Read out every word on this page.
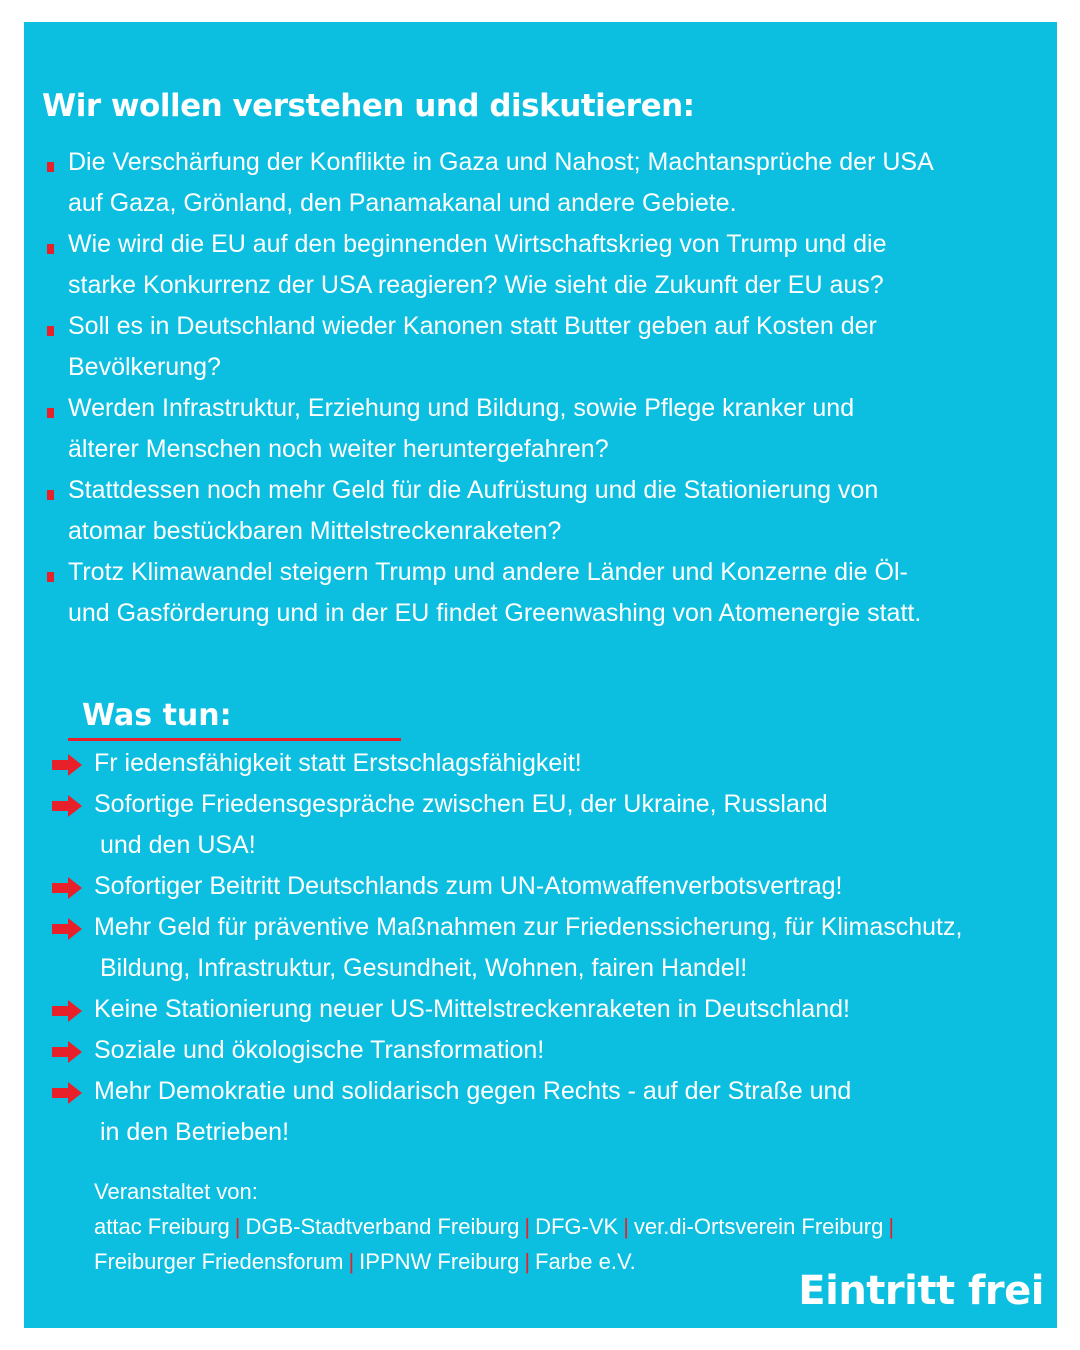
Wir wollen verstehen und diskutieren:
Die Verschärfung der Konflikte in Gaza und Nahost; Machtansprüche der USA
auf Gaza, Grönland, den Panamakanal und andere Gebiete.
Wie wird die EU auf den beginnenden Wirtschaftskrieg von Trump und die
starke Konkurrenz der USA reagieren? Wie sieht die Zukunft der EU aus?
Soll es in Deutschland wieder Kanonen statt Butter geben auf Kosten der
Bevölkerung?
Werden Infrastruktur, Erziehung und Bildung, sowie Pflege kranker und
älterer Menschen noch weiter heruntergefahren?
Stattdessen noch mehr Geld für die Aufrüstung und die Stationierung von
atomar bestückbaren Mittelstreckenraketen?
Trotz Klimawandel steigern Trump und andere Länder und Konzerne die Öl-
und Gasförderung und in der EU findet Greenwashing von Atomenergie statt.
Was tun:
Fr iedensfähigkeit statt Erstschlagsfähigkeit!
Sofortige Friedensgespräche zwischen EU, der Ukraine, Russland
und den USA!
Sofortiger Beitritt Deutschlands zum UN-Atomwaffenverbotsvertrag!
Mehr Geld für präventive Maßnahmen zur Friedenssicherung, für Klimaschutz,
Bildung, Infrastruktur, Gesundheit, Wohnen, fairen Handel!
Keine Stationierung neuer US-Mittelstreckenraketen in Deutschland!
Soziale und ökologische Transformation!
Mehr Demokratie und solidarisch gegen Rechts - auf der Straße und
in den Betrieben!
Veranstaltet von:
attac Freiburg | DGB-Stadtverband Freiburg | DFG-VK | ver.di-Ortsverein Freiburg |
Freiburger Friedensforum | IPPNW Freiburg | Farbe e.V.
Eintritt frei
